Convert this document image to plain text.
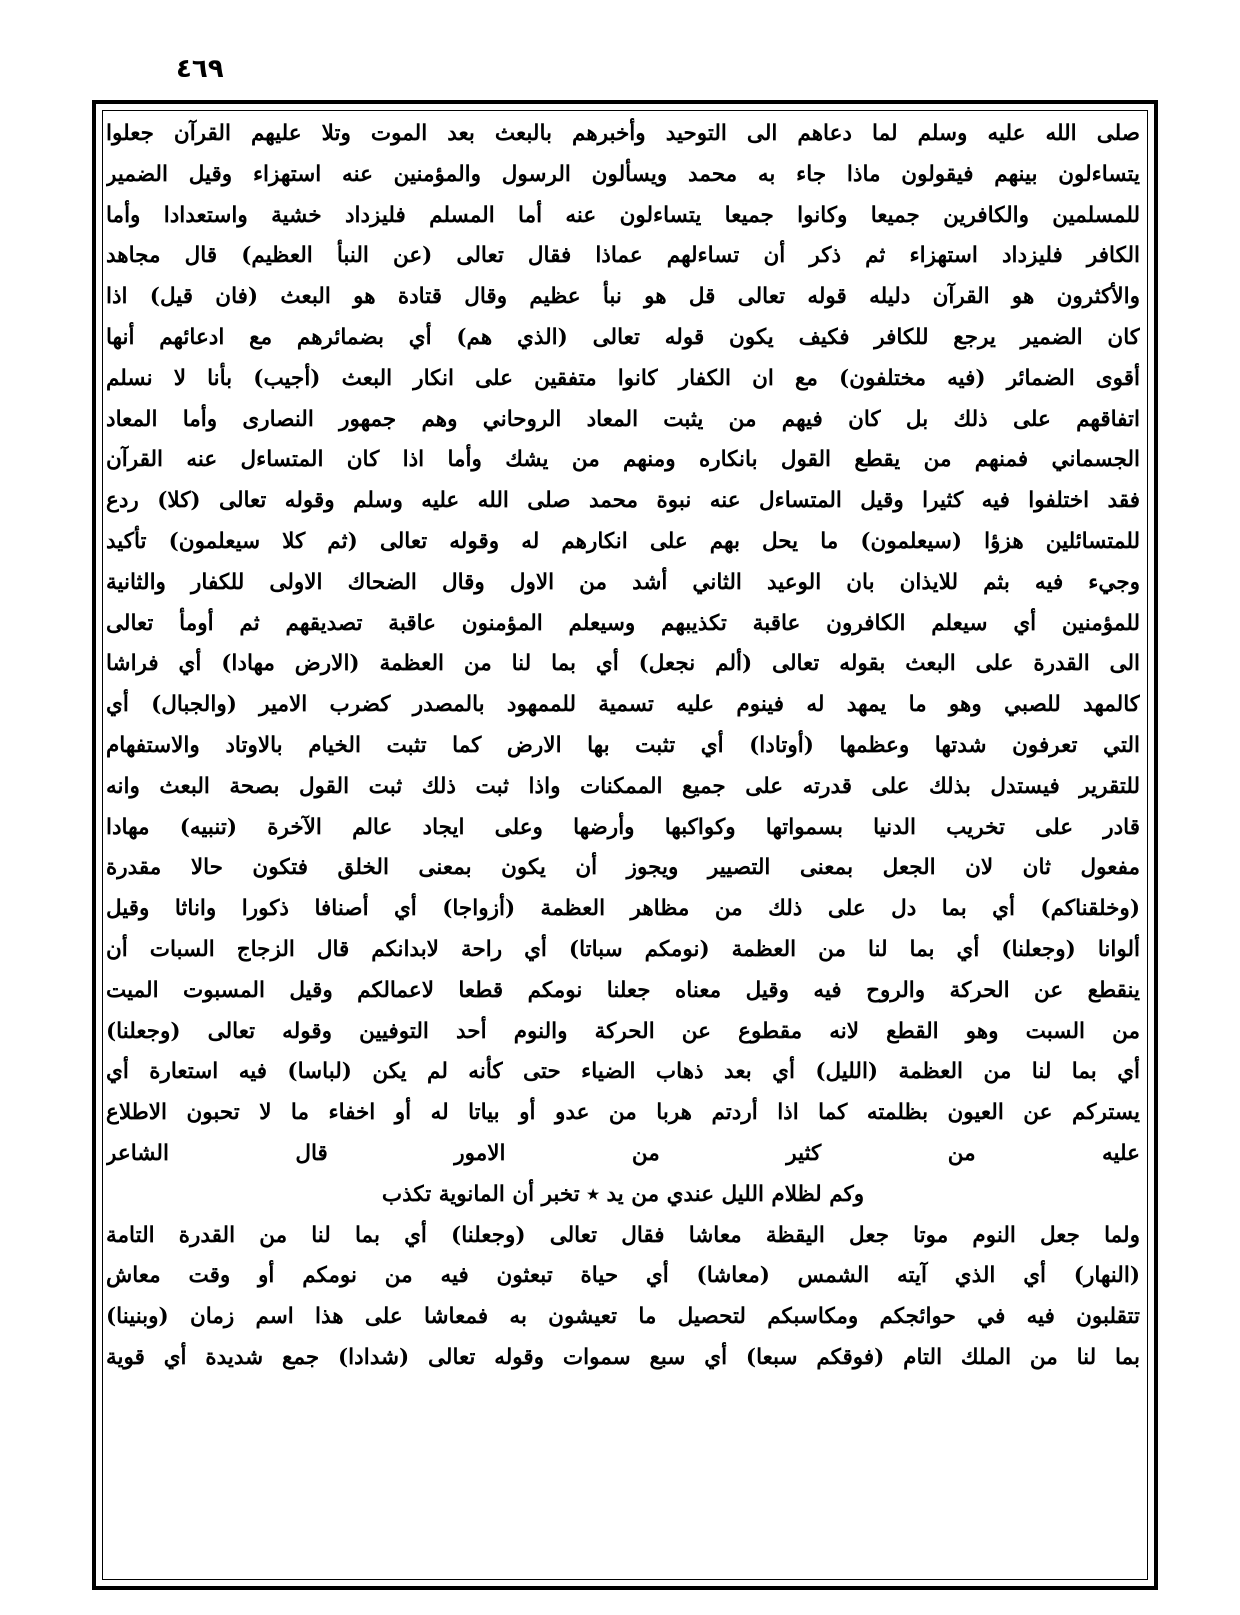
٤٦٩
صلى الله عليه وسلم لما دعاهم الى التوحيد وأخبرهم بالبعث بعد الموت وتلا عليهم القرآن جعلوا
يتساءلون بينهم فيقولون ماذا جاء به محمد ويسألون الرسول والمؤمنين عنه استهزاء وقيل الضمير
للمسلمين والكافرين جميعا وكانوا جميعا يتساءلون عنه أما المسلم فليزداد خشية واستعدادا وأما
الكافر فليزداد استهزاء ثم ذكر أن تساءلهم عماذا فقال تعالى (عن النبأ العظيم) قال مجاهد
والأكثرون هو القرآن دليله قوله تعالى قل هو نبأ عظيم وقال قتادة هو البعث (فان قيل) اذا
كان الضمير يرجع للكافر فكيف يكون قوله تعالى (الذي هم) أي بضمائرهم مع ادعائهم أنها
أقوى الضمائر (فيه مختلفون) مع ان الكفار كانوا متفقين على انكار البعث (أجيب) بأنا لا نسلم
اتفاقهم على ذلك بل كان فيهم من يثبت المعاد الروحاني وهم جمهور النصارى وأما المعاد
الجسماني فمنهم من يقطع القول بانكاره ومنهم من يشك وأما اذا كان المتساءل عنه القرآن
فقد اختلفوا فيه كثيرا وقيل المتساءل عنه نبوة محمد صلى الله عليه وسلم وقوله تعالى (كلا) ردع
للمتسائلين هزؤا (سيعلمون) ما يحل بهم على انكارهم له وقوله تعالى (ثم كلا سيعلمون) تأكيد
وجيء فيه بثم للايذان بان الوعيد الثاني أشد من الاول وقال الضحاك الاولى للكفار والثانية
للمؤمنين أي سيعلم الكافرون عاقبة تكذيبهم وسيعلم المؤمنون عاقبة تصديقهم ثم أومأ تعالى
الى القدرة على البعث بقوله تعالى (ألم نجعل) أي بما لنا من العظمة (الارض مهادا) أي فراشا
كالمهد للصبي وهو ما يمهد له فينوم عليه تسمية للممهود بالمصدر كضرب الامير (والجبال) أي
التي تعرفون شدتها وعظمها (أوتادا) أي تثبت بها الارض كما تثبت الخيام بالاوتاد والاستفهام
للتقرير فيستدل بذلك على قدرته على جميع الممكنات واذا ثبت ذلك ثبت القول بصحة البعث وانه
قادر على تخريب الدنيا بسمواتها وكواكبها وأرضها وعلى ايجاد عالم الآخرة (تنبيه) مهادا
مفعول ثان لان الجعل بمعنى التصيير ويجوز أن يكون بمعنى الخلق فتكون حالا مقدرة
(وخلقناكم) أي بما دل على ذلك من مظاهر العظمة (أزواجا) أي أصنافا ذكورا واناثا وقيل
ألوانا (وجعلنا) أي بما لنا من العظمة (نومكم سباتا) أي راحة لابدانكم قال الزجاج السبات أن
ينقطع عن الحركة والروح فيه وقيل معناه جعلنا نومكم قطعا لاعمالكم وقيل المسبوت الميت
من السبت وهو القطع لانه مقطوع عن الحركة والنوم أحد التوفيين وقوله تعالى (وجعلنا)
أي بما لنا من العظمة (الليل) أي بعد ذهاب الضياء حتى كأنه لم يكن (لباسا) فيه استعارة أي
يستركم عن العيون بظلمته كما اذا أردتم هربا من عدو أو بياتا له أو اخفاء ما لا تحبون الاطلاع
عليه من كثير من الامور قال الشاعر
وكم لظلام الليل عندي من يد ٭ تخبر أن المانوية تكذب
ولما جعل النوم موتا جعل اليقظة معاشا فقال تعالى (وجعلنا) أي بما لنا من القدرة التامة
(النهار) أي الذي آيته الشمس (معاشا) أي حياة تبعثون فيه من نومكم أو وقت معاش
تتقلبون فيه في حوائجكم ومكاسبكم لتحصيل ما تعيشون به فمعاشا على هذا اسم زمان (وبنينا)
بما لنا من الملك التام (فوقكم سبعا) أي سبع سموات وقوله تعالى (شدادا) جمع شديدة أي قوية
